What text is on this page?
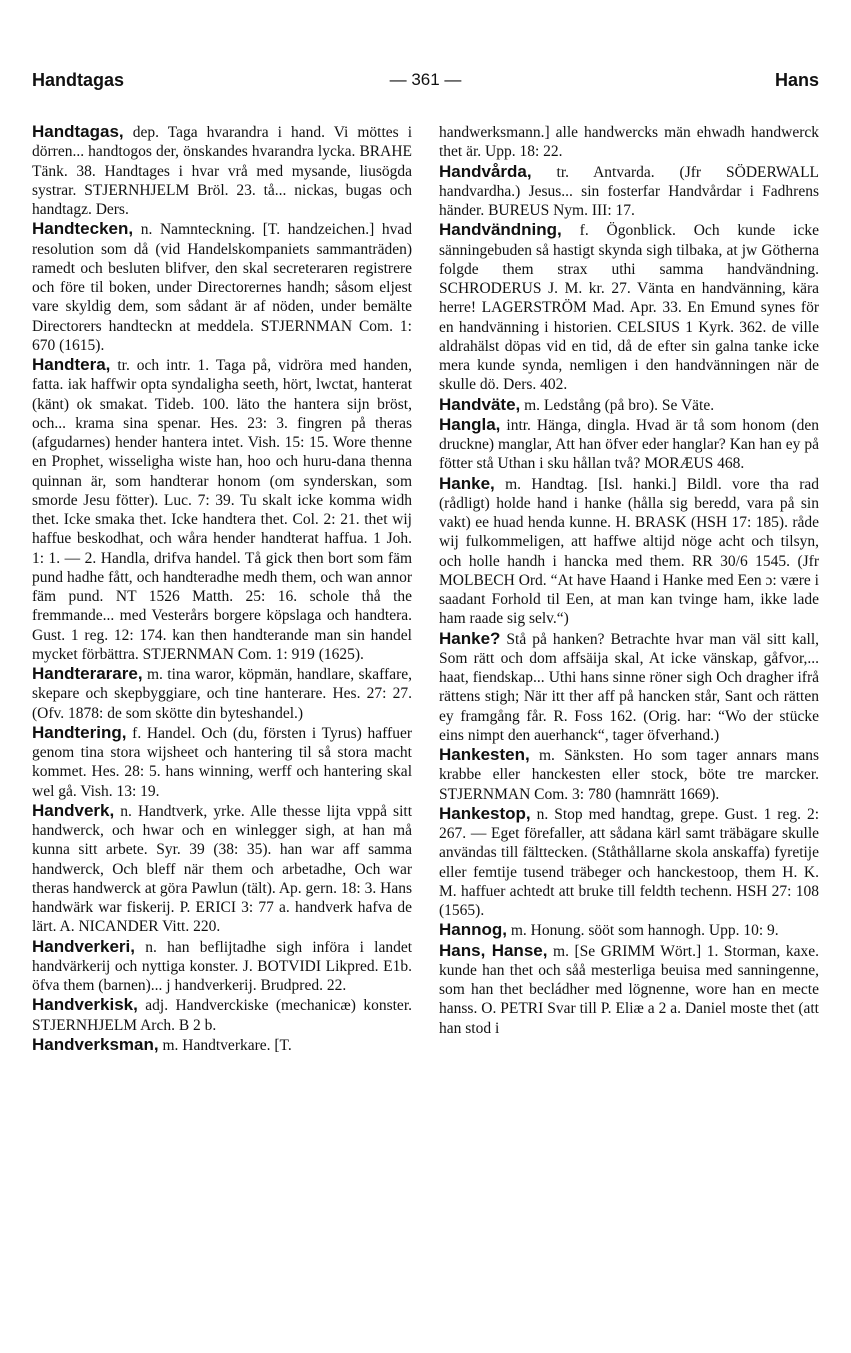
Handtagas	— 361 —	Hans

Handtagas, dep. Taga hvarandra i hand. Vi möttes i dörren... handtogos der, önskandes hvarandra lycka. BRAHE Tänk. 38. Handtages i hvar vrå med mysande, liusögda systrar. STJERNHJELM Bröl. 23. tå... nickas, bugas och handtagz. Ders.

Handtecken, n. Namnteckning. [T. handzeichen.] hvad resolution som då (vid Handelskompaniets sammanträden) ramedt och besluten blifver, den skal secreteraren registrere och före til boken, under Directorernes handh; såsom eljest vare skyldig dem, som sådant är af nöden, under bemälte Directorers handteckn at meddela. STJERNMAN Com. 1: 670 (1615).

Handtera, tr. och intr. 1. Taga på, vidröra med handen, fatta. iak haffwir opta syndaligha seeth, hört, lwctat, hanterat (känt) ok smakat. Tideb. 100. läto the hantera sijn bröst, och... krama sina spenar. Hes. 23: 3. fingren på theras (afgudarnes) hender hantera intet. Vish. 15: 15. Wore thenne en Prophet, wisseligha wiste han, hoo och huru-dana thenna quinnan är, som handterar honom (om synderskan, som smorde Jesu fötter). Luc. 7: 39. Tu skalt icke komma widh thet. Icke smaka thet. Icke handtera thet. Col. 2: 21. thet wij haffue beskodhat, och wåra hender handterat haffua. 1 Joh. 1: 1. — 2. Handla, drifva handel. Tå gick then bort som fäm pund hadhe fått, och handteradhe medh them, och wan annor fäm pund. NT 1526 Matth. 25: 16. schole thå the fremmande... med Vesterårs borgere köpslaga och handtera. Gust. 1 reg. 12: 174. kan then handterande man sin handel mycket förbättra. STJERNMAN Com. 1: 919 (1625).

Handterarare, m. tina waror, köpmän, handlare, skaffare, skepare och skepbyggiare, och tine hanterare. Hes. 27: 27. (Ofv. 1878: de som skötte din byteshandel.)

Handtering, f. Handel. Och (du, försten i Tyrus) haffuer genom tina stora wijsheet och hantering til så stora macht kommet. Hes. 28: 5. hans winning, werff och hantering skal wel gå. Vish. 13: 19.

Handverk, n. Handtverk, yrke. Alle thesse lijta vppå sitt handwerck, och hwar och en winlegger sigh, at han må kunna sitt arbete. Syr. 39 (38: 35). han war aff samma handwerck, Och bleff när them och arbetadhe, Och war theras handwerck at göra Pawlun (tält). Ap. gern. 18: 3. Hans handwärk war fiskerij. P. ERICI 3: 77 a. handverk hafva de lärt. A. NICANDER Vitt. 220.

Handverkeri, n. han beflijtadhe sigh införa i landet handvärkerij och nyttiga konster. J. BOTVIDI Likpred. E1b. öfva them (barnen)... j handverkerij. Brudpred. 22.

Handverkisk, adj. Handverckiske (mechanicæ) konster. STJERNHJELM Arch. B 2 b.

Handverksman, m. Handtverkare. [T.

handwerksmann.] alle handwercks män ehwadh handwerck thet är. Upp. 18: 22.

Handvårda, tr. Antvarda. (Jfr SÖDERWALL handvardha.) Jesus... sin fosterfar Handvårdar i Fadhrens händer. BUREUS Nym. III: 17.

Handvändning, f. Ögonblick. Och kunde icke sänningebuden så hastigt skynda sigh tilbaka, at jw Götherna folgde them strax uthi samma handvändning. SCHRODERUS J. M. kr. 27. Vänta en handvänning, kära herre! LAGERSTRÖM Mad. Apr. 33. En Emund synes för en handvänning i historien. CELSIUS 1 Kyrk. 362. de ville aldrahälst döpas vid en tid, då de efter sin galna tanke icke mera kunde synda, nemligen i den handvänningen när de skulle dö. Ders. 402.

Handväte, m. Ledstång (på bro). Se Väte.

Hangla, intr. Hänga, dingla. Hvad är tå som honom (den druckne) manglar, Att han öfver eder hanglar? Kan han ey på fötter stå Uthan i sku hållan två? MORÆUS 468.

Hanke, m. Handtag. [Isl. hanki.] Bildl. vore tha rad (rådligt) holde hand i hanke (hålla sig beredd, vara på sin vakt) ee huad henda kunne. H. BRASK (HSH 17: 185). råde wij fulkommeligen, att haffwe altijd nöge acht och tilsyn, och holle handh i hancka med them. RR 30/6 1545. (Jfr MOLBECH Ord. “At have Haand i Hanke med Een ɔ: være i saadant Forhold til Een, at man kan tvinge ham, ikke lade ham raade sig selv.“)

Hanke? Stå på hanken? Betrachte hvar man väl sitt kall, Som rätt och dom affsäija skal, At icke vänskap, gåfvor,... haat, fiendskap... Uthi hans sinne röner sigh Och dragher ifrå rättens stigh; När itt ther aff på hancken står, Sant och rätten ey framgång får. R. Foss 162. (Orig. har: “Wo der stücke eins nimpt den auerhanck“, tager öfverhand.)

Hankesten, m. Sänksten. Ho som tager annars mans krabbe eller hanckesten eller stock, böte tre marcker. STJERNMAN Com. 3: 780 (hamnrätt 1669).

Hankestop, n. Stop med handtag, grepe. Gust. 1 reg. 2: 267. — Eget förefaller, att sådana kärl samt träbägare skulle användas till fälttecken. (Ståthållarne skola anskaffa) fyretije eller femtije tusend träbeger och hanckestoop, them H. K. M. haffuer achtedt att bruke till feldth techenn. HSH 27: 108 (1565).

Hannog, m. Honung. sööt som hannogh. Upp. 10: 9.

Hans, Hanse, m. [Se GRIMM Wört.] 1. Storman, kaxe. kunde han thet och såå mesterliga beuisa med sanningenne, som han thet becládher med lögnenne, wore han en mecte hanss. O. PETRI Svar till P. Eliæ a 2 a. Daniel moste thet (att han stod i
